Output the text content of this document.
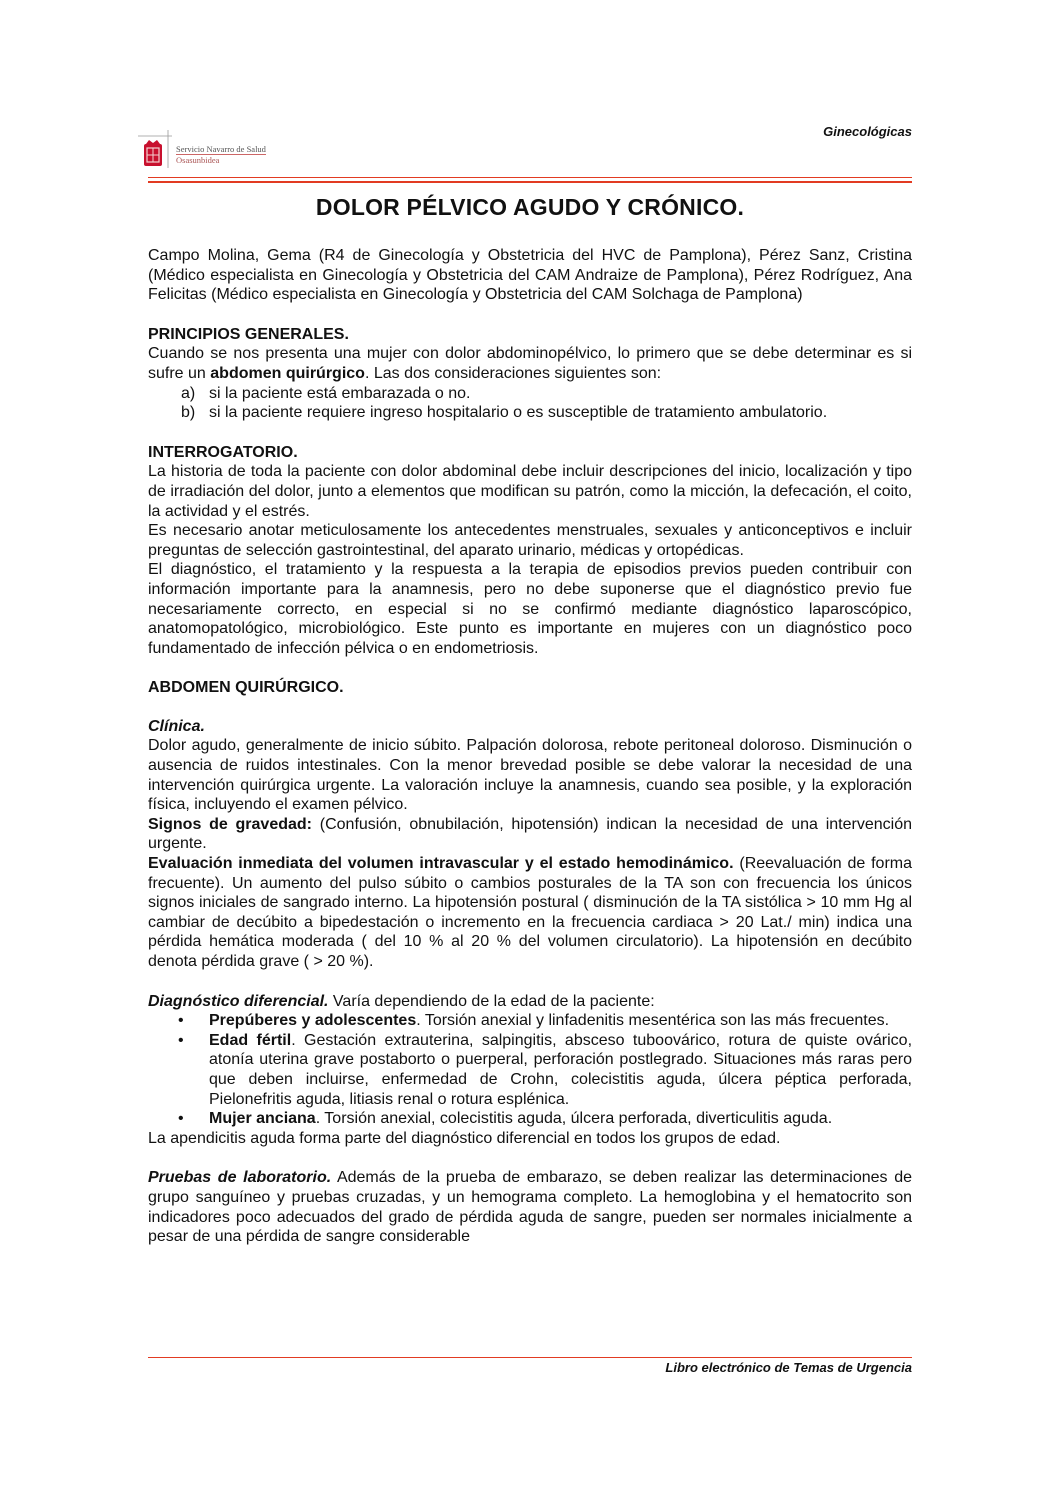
Servicio Navarro de Salud
Osasunbidea
Ginecológicas
DOLOR PÉLVICO AGUDO Y CRÓNICO.

Campo Molina, Gema (R4 de Ginecología y Obstetricia del HVC de Pamplona), Pérez Sanz, Cristina (Médico especialista en Ginecología y Obstetricia del CAM Andraize de Pamplona), Pérez Rodríguez, Ana Felicitas (Médico especialista en Ginecología y Obstetricia del CAM Solchaga de Pamplona)

PRINCIPIOS GENERALES.

Cuando se nos presenta una mujer con dolor abdominopélvico, lo primero que se debe determinar es si sufre un abdomen quirúrgico. Las dos consideraciones siguientes son:

a) si la paciente está embarazada o no.
b) si la paciente requiere ingreso hospitalario o es susceptible de tratamiento ambulatorio.

INTERROGATORIO.

La historia de toda la paciente con dolor abdominal debe incluir descripciones del inicio, localización y tipo de irradiación del dolor, junto a elementos que modifican su patrón, como la micción, la defecación, el coito, la actividad y el estrés.

Es necesario anotar meticulosamente los antecedentes menstruales, sexuales y anticonceptivos e incluir preguntas de selección gastrointestinal, del aparato urinario, médicas y ortopédicas.

El diagnóstico, el tratamiento y la respuesta a la terapia de episodios previos pueden contribuir con información importante para la anamnesis, pero no debe suponerse que el diagnóstico previo fue necesariamente correcto, en especial si no se confirmó mediante diagnóstico laparoscópico, anatomopatológico, microbiológico. Este punto es importante en mujeres con un diagnóstico poco fundamentado de infección pélvica o en endometriosis.

ABDOMEN QUIRÚRGICO.

Clínica.

Dolor agudo, generalmente de inicio súbito. Palpación dolorosa, rebote peritoneal doloroso. Disminución o ausencia de ruidos intestinales. Con la menor brevedad posible se debe valorar la necesidad de una intervención quirúrgica urgente. La valoración incluye la anamnesis, cuando sea posible, y la exploración física, incluyendo el examen pélvico.

Signos de gravedad: (Confusión, obnubilación, hipotensión) indican la necesidad de una intervención urgente.

Evaluación inmediata del volumen intravascular y el estado hemodinámico. (Reevaluación de forma frecuente). Un aumento del pulso súbito o cambios posturales de la TA son con frecuencia los únicos signos iniciales de sangrado interno. La hipotensión postural ( disminución de la TA sistólica > 10 mm Hg al cambiar de decúbito a bipedestación o incremento en la frecuencia cardiaca > 20 Lat./ min) indica una pérdida hemática moderada ( del 10 % al 20 % del volumen circulatorio). La hipotensión en decúbito denota pérdida grave ( > 20 %).

Diagnóstico diferencial. Varía dependiendo de la edad de la paciente:

• Prepúberes y adolescentes. Torsión anexial y linfadenitis mesentérica son las más frecuentes.
• Edad fértil. Gestación extrauterina, salpingitis, absceso tuboovárico, rotura de quiste ovárico, atonía uterina grave postaborto o puerperal, perforación postlegrado. Situaciones más raras pero que deben incluirse, enfermedad de Crohn, colecistitis aguda, úlcera péptica perforada, Pielonefritis aguda, litiasis renal o rotura esplénica.
• Mujer anciana. Torsión anexial, colecistitis aguda, úlcera perforada, diverticulitis aguda.

La apendicitis aguda forma parte del diagnóstico diferencial en todos los grupos de edad.

Pruebas de laboratorio. Además de la prueba de embarazo, se deben realizar las determinaciones de grupo sanguíneo y pruebas cruzadas, y un hemograma completo. La hemoglobina y el hematocrito son indicadores poco adecuados del grado de pérdida aguda de sangre, pueden ser normales inicialmente a pesar de una pérdida de sangre considerable

Libro electrónico de Temas de Urgencia
